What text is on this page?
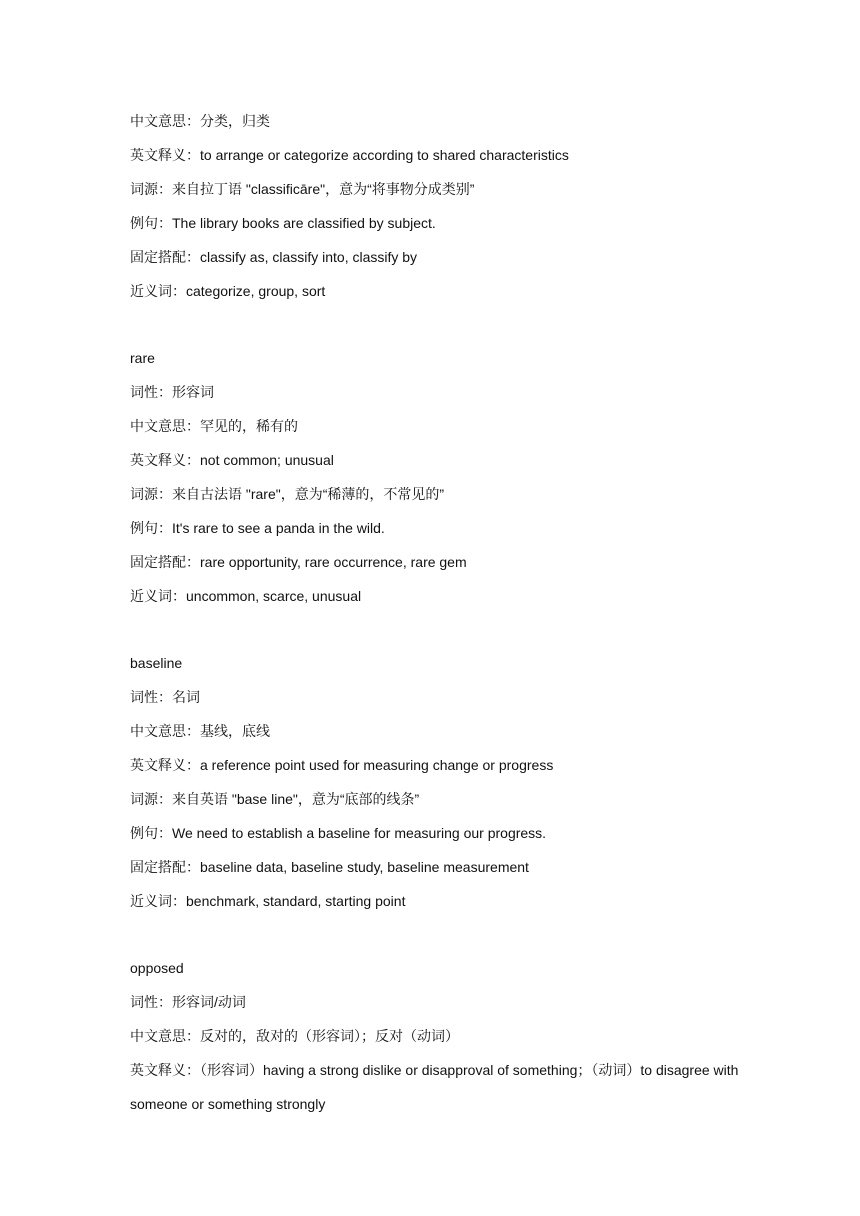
中文意思：分类，归类
英文释义：to arrange or categorize according to shared characteristics
词源：来自拉丁语 "classificāre"，意为“将事物分成类别”
例句：The library books are classified by subject.
固定搭配：classify as, classify into, classify by
近义词：categorize, group, sort
rare
词性：形容词
中文意思：罕见的，稀有的
英文释义：not common; unusual
词源：来自古法语 "rare"，意为“稀薄的，不常见的”
例句：It's rare to see a panda in the wild.
固定搭配：rare opportunity, rare occurrence, rare gem
近义词：uncommon, scarce, unusual
baseline
词性：名词
中文意思：基线，底线
英文释义：a reference point used for measuring change or progress
词源：来自英语 "base line"，意为“底部的线条”
例句：We need to establish a baseline for measuring our progress.
固定搭配：baseline data, baseline study, baseline measurement
近义词：benchmark, standard, starting point
opposed
词性：形容词/动词
中文意思：反对的，敌对的（形容词）；反对（动词）
英文释义：（形容词）having a strong dislike or disapproval of something；（动词）to disagree with someone or something strongly
